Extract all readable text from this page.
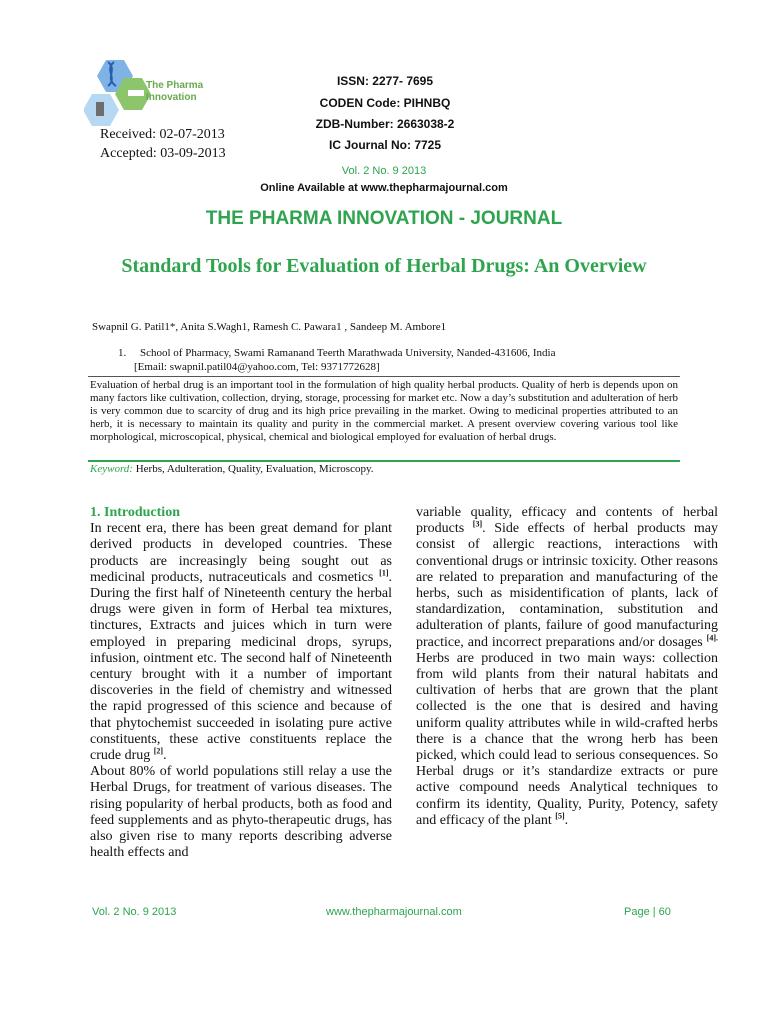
The Pharma
Innovation
ISSN: 2277- 7695
CODEN Code: PIHNBQ
ZDB-Number: 2663038-2
IC Journal No: 7725
Received: 02-07-2013
Accepted: 03-09-2013
Vol. 2 No. 9 2013
Online Available at www.thepharmajournal.com
THE PHARMA INNOVATION - JOURNAL
Standard Tools for Evaluation of Herbal Drugs: An Overview
Swapnil G. Patil1*, Anita S.Wagh1, Ramesh C. Pawara1 , Sandeep M. Ambore1
1. School of Pharmacy, Swami Ramanand Teerth Marathwada University, Nanded-431606, India
[Email: swapnil.patil04@yahoo.com, Tel: 9371772628]
Evaluation of herbal drug is an important tool in the formulation of high quality herbal products. Quality of herb is depends upon on many factors like cultivation, collection, drying, storage, processing for market etc. Now a day’s substitution and adulteration of herb is very common due to scarcity of drug and its high price prevailing in the market. Owing to medicinal properties attributed to an herb, it is necessary to maintain its quality and purity in the commercial market. A present overview covering various tool like morphological, microscopical, physical, chemical and biological employed for evaluation of herbal drugs.
Keyword: Herbs, Adulteration, Quality, Evaluation, Microscopy.

1. Introduction

In recent era, there has been great demand for plant derived products in developed countries. These products are increasingly being sought out as medicinal products, nutraceuticals and cosmetics [1]. During the first half of Nineteenth century the herbal drugs were given in form of Herbal tea mixtures, tinctures, Extracts and juices which in turn were employed in preparing medicinal drops, syrups, infusion, ointment etc. The second half of Nineteenth century brought with it a number of important discoveries in the field of chemistry and witnessed the rapid progressed of this science and because of that phytochemist succeeded in isolating pure active constituents, these active constituents replace the crude drug [2].

About 80% of world populations still relay a use the Herbal Drugs, for treatment of various diseases. The rising popularity of herbal products, both as food and feed supplements and as phyto-therapeutic drugs, has also given rise to many reports describing adverse health effects and

variable quality, efficacy and contents of herbal products [3]. Side effects of herbal products may consist of allergic reactions, interactions with conventional drugs or intrinsic toxicity. Other reasons are related to preparation and manufacturing of the herbs, such as misidentification of plants, lack of standardization, contamination, substitution and adulteration of plants, failure of good manufacturing practice, and incorrect preparations and/or dosages $^{[4].}$ Herbs are produced in two main ways: collection from wild plants from their natural habitats and cultivation of herbs that are grown that the plant collected is the one that is desired and having uniform quality attributes while in wild-crafted herbs there is a chance that the wrong herb has been picked, which could lead to serious consequences. So Herbal drugs or it’s standardize extracts or pure active compound needs Analytical techniques to confirm its identity, Quality, Purity, Potency, safety and efficacy of the plant [5].

Vol. 2 No. 9 2013	www.thepharmajournal.com	Page | 60
